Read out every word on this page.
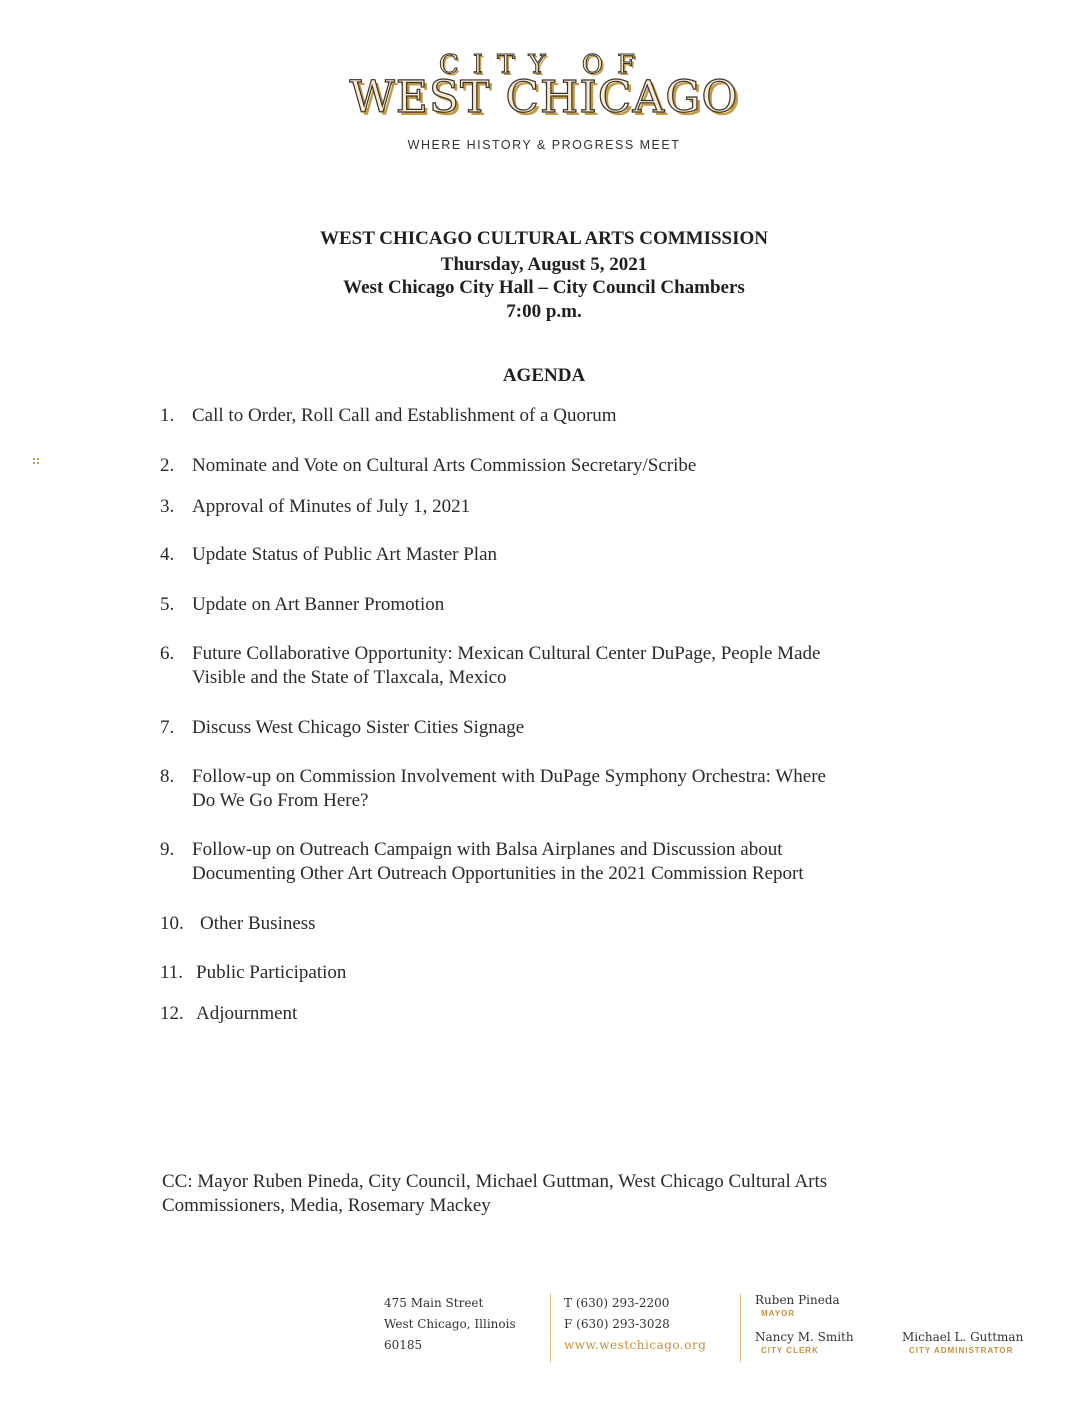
CITY OF
WEST CHICAGO
WHERE HISTORY & PROGRESS MEET
WEST CHICAGO CULTURAL ARTS COMMISSION
Thursday, August 5, 2021
West Chicago City Hall – City Council Chambers
7:00 p.m.
AGENDA
1. Call to Order, Roll Call and Establishment of a Quorum
2. Nominate and Vote on Cultural Arts Commission Secretary/Scribe
3. Approval of Minutes of July 1, 2021
4. Update Status of Public Art Master Plan
5. Update on Art Banner Promotion
6. Future Collaborative Opportunity: Mexican Cultural Center DuPage, People Made
Visible and the State of Tlaxcala, Mexico
7. Discuss West Chicago Sister Cities Signage
8. Follow-up on Commission Involvement with DuPage Symphony Orchestra: Where
Do We Go From Here?
9. Follow-up on Outreach Campaign with Balsa Airplanes and Discussion about
Documenting Other Art Outreach Opportunities in the 2021 Commission Report
10. Other Business
11. Public Participation
12. Adjournment
CC: Mayor Ruben Pineda, City Council, Michael Guttman, West Chicago Cultural Arts
Commissioners, Media, Rosemary Mackey
475 Main Street
West Chicago, Illinois
60185
T (630) 293-2200
F (630) 293-3028
www.westchicago.org
Ruben Pineda
MAYOR
Nancy M. Smith
CITY CLERK
Michael L. Guttman
CITY ADMINISTRATOR
